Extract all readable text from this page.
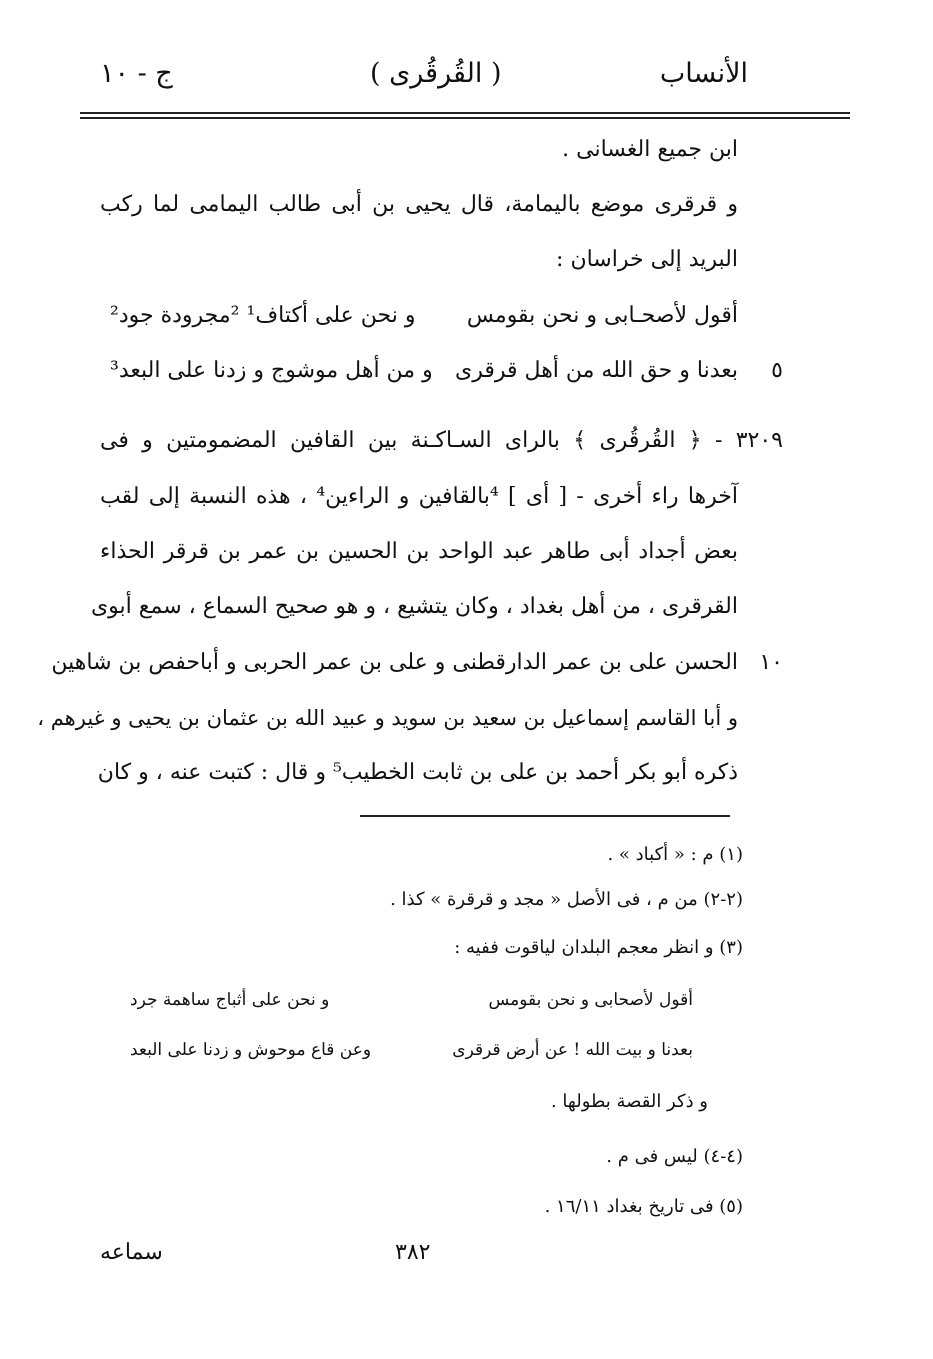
الأنساب
( القُرقُرى )
ج - ١٠
ابن جميع الغسانى .
و قرقرى موضع باليمامة، قال يحيى بن أبى طالب اليمامى لما ركب
البريد إلى خراسان :
أقول لأصحـابى و نحن بقومس
و نحن على أكتاف¹ ²مجرودة جود²
٥
بعدنا و حق الله من أهل قرقرى
و من أهل موشوج و زدنا على البعد³
٣٢٠٩ - ﴿ القُرقُرى ﴾ بالراى السـاكـنة بين القافين المضمومتين و فى
آخرها راء أخرى - [ أى ] ⁴بالقافين و الراءين⁴ ، هذه النسبة إلى لقب
بعض أجداد أبى طاهر عبد الواحد بن الحسين بن عمر بن قرقر الحذاء
القرقرى ، من أهل بغداد ، وكان يتشيع ، و هو صحيح السماع ، سمع أبوى
١٠
الحسن على بن عمر الدارقطنى و على بن عمر الحربى و أباحفص بن شاهين
و أبا القاسم إسماعيل بن سعيد بن سويد و عبيد الله بن عثمان بن يحيى و غيرهم ،
ذكره أبو بكر أحمد بن على بن ثابت الخطيب⁵ و قال : كتبت عنه ، و كان
(١) م : « أكباد » .
(٢-٢) من م ، فى الأصل « مجد و قرقرة » كذا .
(٣) و انظر معجم البلدان لياقوت ففيه :
أقول لأصحابى و نحن بقومس
و نحن على أثباج ساهمة جرد
بعدنا و بيت الله ! عن أرض قرقرى
وعن قاع موحوش و زدنا على البعد
و ذكر القصة بطولها .
(٤-٤) ليس فى م .
(٥) فى تاريخ بغداد ١٦/١١ .
٣٨٢
سماعه
